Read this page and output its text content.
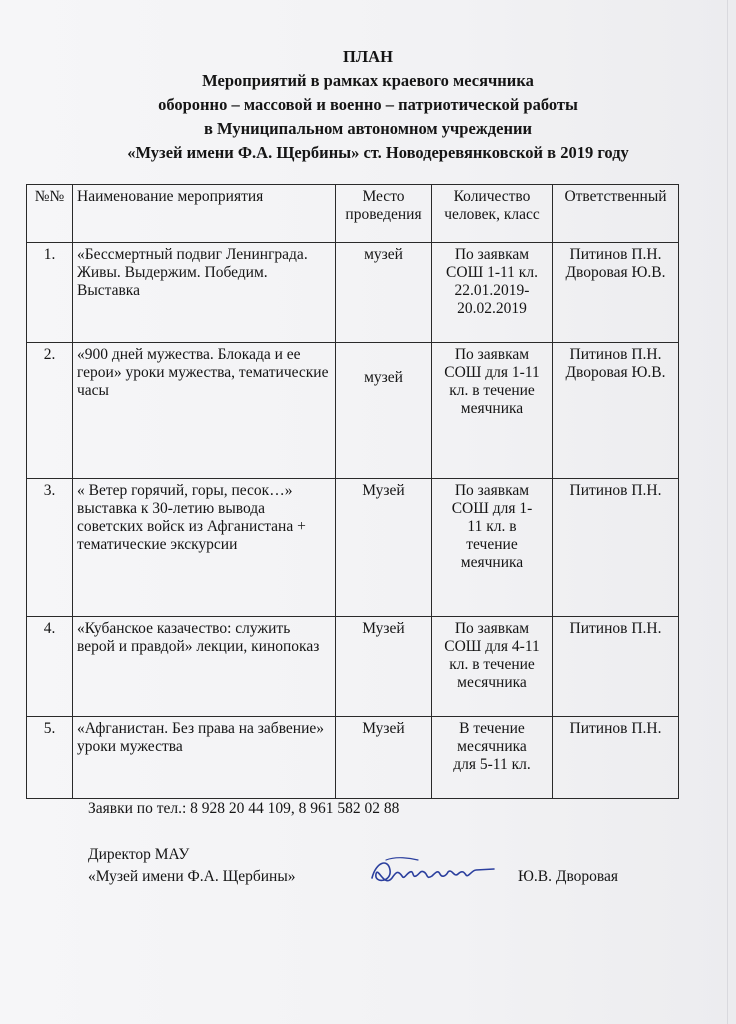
ПЛАН
Мероприятий в рамках краевого месячника
оборонно – массовой и военно – патриотической работы
в Муниципальном автономном учреждении
«Музей имени Ф.А. Щербины» ст. Новодеревянковской в 2019 году
№№	Наименование мероприятия	Место проведения	Количество человек, класс	Ответственный
1.	«Бессмертный подвиг Ленинграда. Живы. Выдержим. Победим. Выставка	музей	По заявкам СОШ 1-11 кл. 22.01.2019-20.02.2019	Питинов П.Н. Дворовая Ю.В.
2.	«900 дней мужества. Блокада и ее герои» уроки мужества, тематические часы	музей	По заявкам СОШ для 1-11 кл. в течение меячника	Питинов П.Н. Дворовая Ю.В.
3.	« Ветер горячий, горы, песок…» выставка к 30-летию вывода советских войск из Афганистана + тематические экскурсии	Музей	По заявкам СОШ для 1-11 кл. в течение меячника	Питинов П.Н.
4.	«Кубанское казачество: служить верой и правдой» лекции, кинопоказ	Музей	По заявкам СОШ для 4-11 кл. в течение месячника	Питинов П.Н.
5.	«Афганистан. Без права на забвение» уроки мужества	Музей	В течение месячника для 5-11 кл.	Питинов П.Н.
Заявки по тел.: 8 928 20 44 109, 8 961 582 02 88
Директор МАУ
«Музей имени Ф.А. Щербины»	Ю.В. Дворовая
